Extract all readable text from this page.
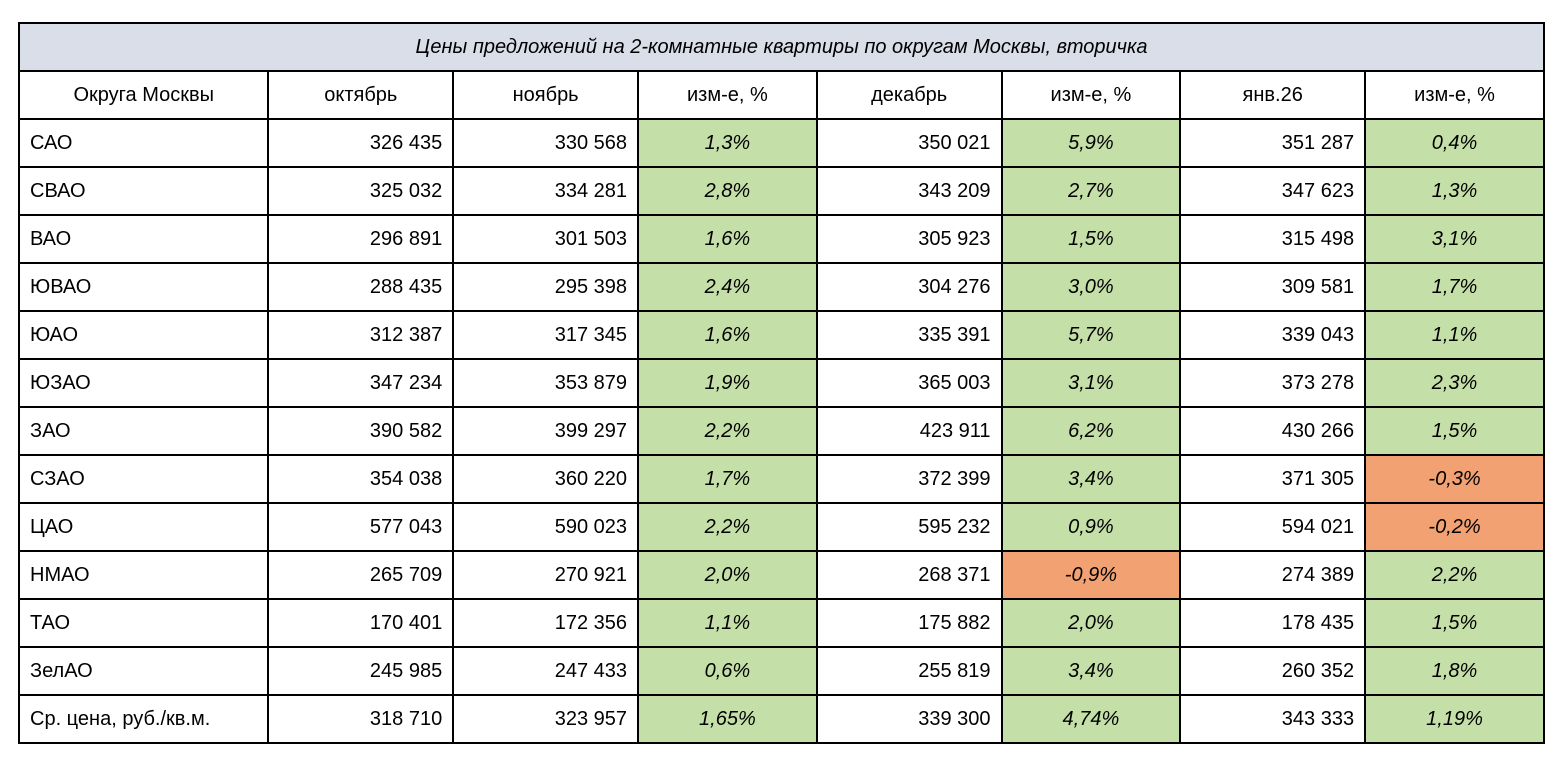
Цены предложений на 2-комнатные квартиры по округам Москвы, вторичка							
Округа Москвы	октябрь	ноябрь	изм-е, %	декабрь	изм-е, %	янв.26	изм-е, %
САО	326 435	330 568	1,3%	350 021	5,9%	351 287	0,4%
СВАО	325 032	334 281	2,8%	343 209	2,7%	347 623	1,3%
ВАО	296 891	301 503	1,6%	305 923	1,5%	315 498	3,1%
ЮВАО	288 435	295 398	2,4%	304 276	3,0%	309 581	1,7%
ЮАО	312 387	317 345	1,6%	335 391	5,7%	339 043	1,1%
ЮЗАО	347 234	353 879	1,9%	365 003	3,1%	373 278	2,3%
ЗАО	390 582	399 297	2,2%	423 911	6,2%	430 266	1,5%
СЗАО	354 038	360 220	1,7%	372 399	3,4%	371 305	-0,3%
ЦАО	577 043	590 023	2,2%	595 232	0,9%	594 021	-0,2%
НМАО	265 709	270 921	2,0%	268 371	-0,9%	274 389	2,2%
ТАО	170 401	172 356	1,1%	175 882	2,0%	178 435	1,5%
ЗелАО	245 985	247 433	0,6%	255 819	3,4%	260 352	1,8%
Ср. цена, руб./кв.м.	318 710	323 957	1,65%	339 300	4,74%	343 333	1,19%
